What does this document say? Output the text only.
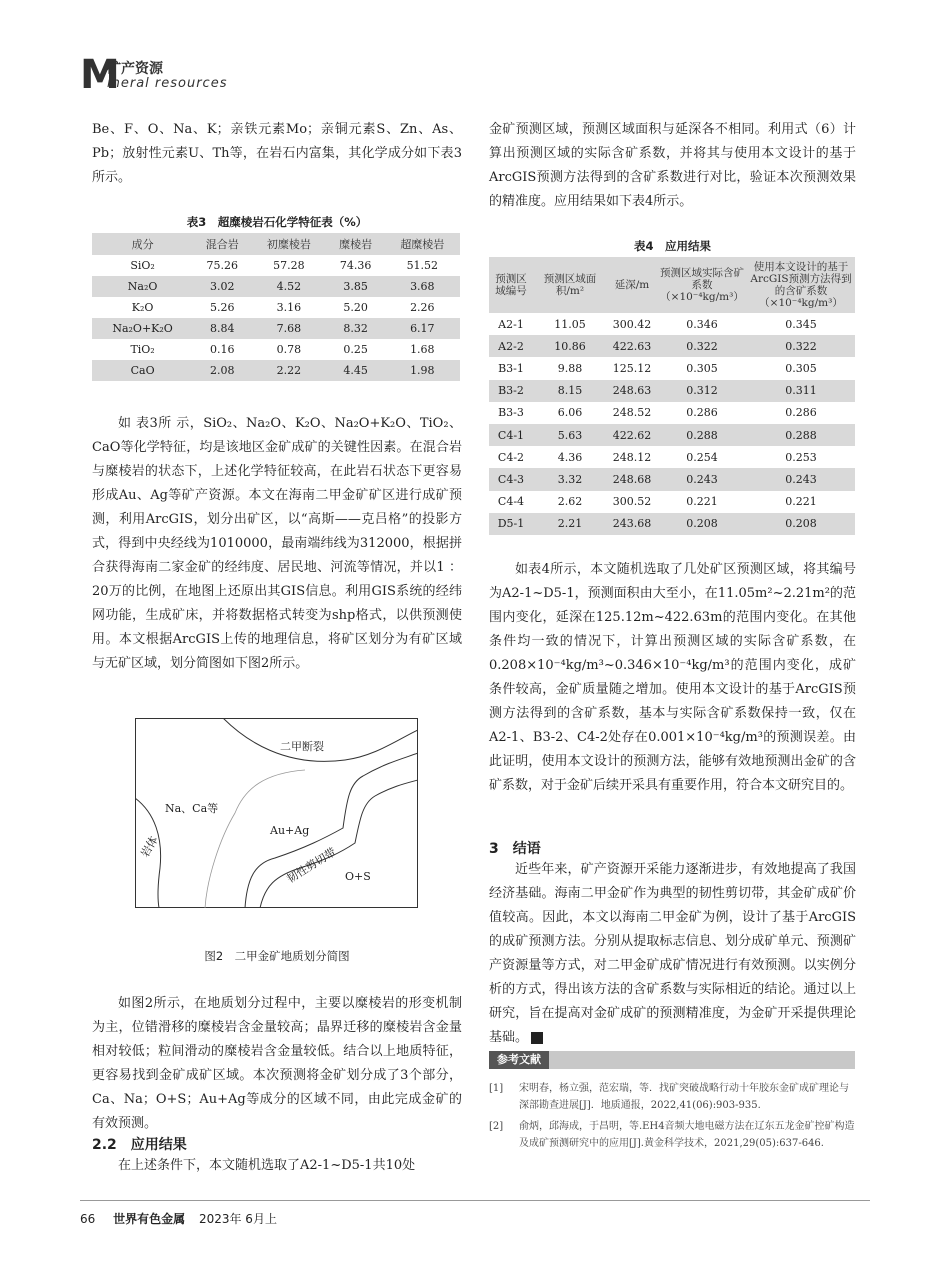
M
矿产资源
ineral resources

Be、F、O、Na、K；亲铁元素Mo；亲铜元素S、Zn、As、Pb；放射性元素U、Th等，在岩石内富集，其化学成分如下表3所示。

表3　超糜棱岩石化学特征表（%）
成分	混合岩	初糜棱岩	糜棱岩	超糜棱岩
SiO₂	75.26	57.28	74.36	51.52
Na₂O	3.02	4.52	3.85	3.68
K₂O	5.26	3.16	5.20	2.26
Na₂O+K₂O	8.84	7.68	8.32	6.17
TiO₂	0.16	0.78	0.25	1.68
CaO	2.08	2.22	4.45	1.98

如 表3所 示，SiO₂、Na₂O、K₂O、Na₂O+K₂O、TiO₂、CaO等化学特征，均是该地区金矿成矿的关键性因素。在混合岩与糜棱岩的状态下，上述化学特征较高，在此岩石状态下更容易形成Au、Ag等矿产资源。本文在海南二甲金矿矿区进行成矿预测，利用ArcGIS，划分出矿区，以“高斯——克吕格”的投影方式，得到中央经线为1010000，最南端纬线为312000，根据拼合获得海南二家金矿的经纬度、居民地、河流等情况，并以1 ： 20万的比例，在地图上还原出其GIS信息。利用GIS系统的经纬网功能，生成矿床，并将数据格式转变为shp格式，以供预测使用。本文根据ArcGIS上传的地理信息，将矿区划分为有矿区域与无矿区域，划分简图如下图2所示。

二甲断裂
Na、Ca等
Au+Ag
韧性剪切带
岩体
O+S
图2　二甲金矿地质划分简图

如图2所示，在地质划分过程中，主要以糜棱岩的形变机制为主，位错滑移的糜棱岩含金量较高；晶界迁移的糜棱岩含金量相对较低；粒间滑动的糜棱岩含金量较低。结合以上地质特征，更容易找到金矿成矿区域。本次预测将金矿划分成了3个部分，Ca、Na；O+S；Au+Ag等成分的区域不同，由此完成金矿的有效预测。

2.2　应用结果

在上述条件下，本文随机选取了A2-1~D5-1共10处

金矿预测区域，预测区域面积与延深各不相同。利用式（6）计算出预测区域的实际含矿系数，并将其与使用本文设计的基于ArcGIS预测方法得到的含矿系数进行对比，验证本次预测效果的精准度。应用结果如下表4所示。

表4　应用结果
预测区域编号	预测区域面积/m²	延深/m	预测区域实际含矿系数（×10⁻⁴kg/m³）	使用本文设计的基于ArcGIS预测方法得到的含矿系数（×10⁻⁴kg/m³）
A2-1	11.05	300.42	0.346	0.345
A2-2	10.86	422.63	0.322	0.322
B3-1	9.88	125.12	0.305	0.305
B3-2	8.15	248.63	0.312	0.311
B3-3	6.06	248.52	0.286	0.286
C4-1	5.63	422.62	0.288	0.288
C4-2	4.36	248.12	0.254	0.253
C4-3	3.32	248.68	0.243	0.243
C4-4	2.62	300.52	0.221	0.221
D5-1	2.21	243.68	0.208	0.208

如表4所示，本文随机选取了几处矿区预测区域，将其编号为A2-1~D5-1，预测面积由大至小，在11.05m²~2.21m²的范围内变化，延深在125.12m~422.63m的范围内变化。在其他条件均一致的情况下，计算出预测区域的实际含矿系数，在0.208×10⁻⁴kg/m³~0.346×10⁻⁴kg/m³的范围内变化，成矿条件较高，金矿质量随之增加。使用本文设计的基于ArcGIS预测方法得到的含矿系数，基本与实际含矿系数保持一致，仅在A2-1、B3-2、C4-2处存在0.001×10⁻⁴kg/m³的预测误差。由此证明，使用本文设计的预测方法，能够有效地预测出金矿的含矿系数，对于金矿后续开采具有重要作用，符合本文研究目的。

3　结语

近些年来，矿产资源开采能力逐渐进步，有效地提高了我国经济基础。海南二甲金矿作为典型的韧性剪切带，其金矿成矿价值较高。因此，本文以海南二甲金矿为例，设计了基于ArcGIS的成矿预测方法。分别从提取标志信息、划分成矿单元、预测矿产资源量等方式，对二甲金矿成矿情况进行有效预测。以实例分析的方式，得出该方法的含矿系数与实际相近的结论。通过以上研究，旨在提高对金矿成矿的预测精准度，为金矿开采提供理论基础。	世

参考文献
[1]	宋明春，杨立强，范宏瑞，等．找矿突破战略行动十年胶东金矿成矿理论与深部勘查进展[J]．地质通报，2022,41(06):903-935.
[2]	俞炳，邱海成，于昌明，等.EH4音频大地电磁方法在辽东五龙金矿控矿构造及成矿预测研究中的应用[J].黄金科学技术，2021,29(05):637-646.
66 世界有色金属 2023年 6月上
